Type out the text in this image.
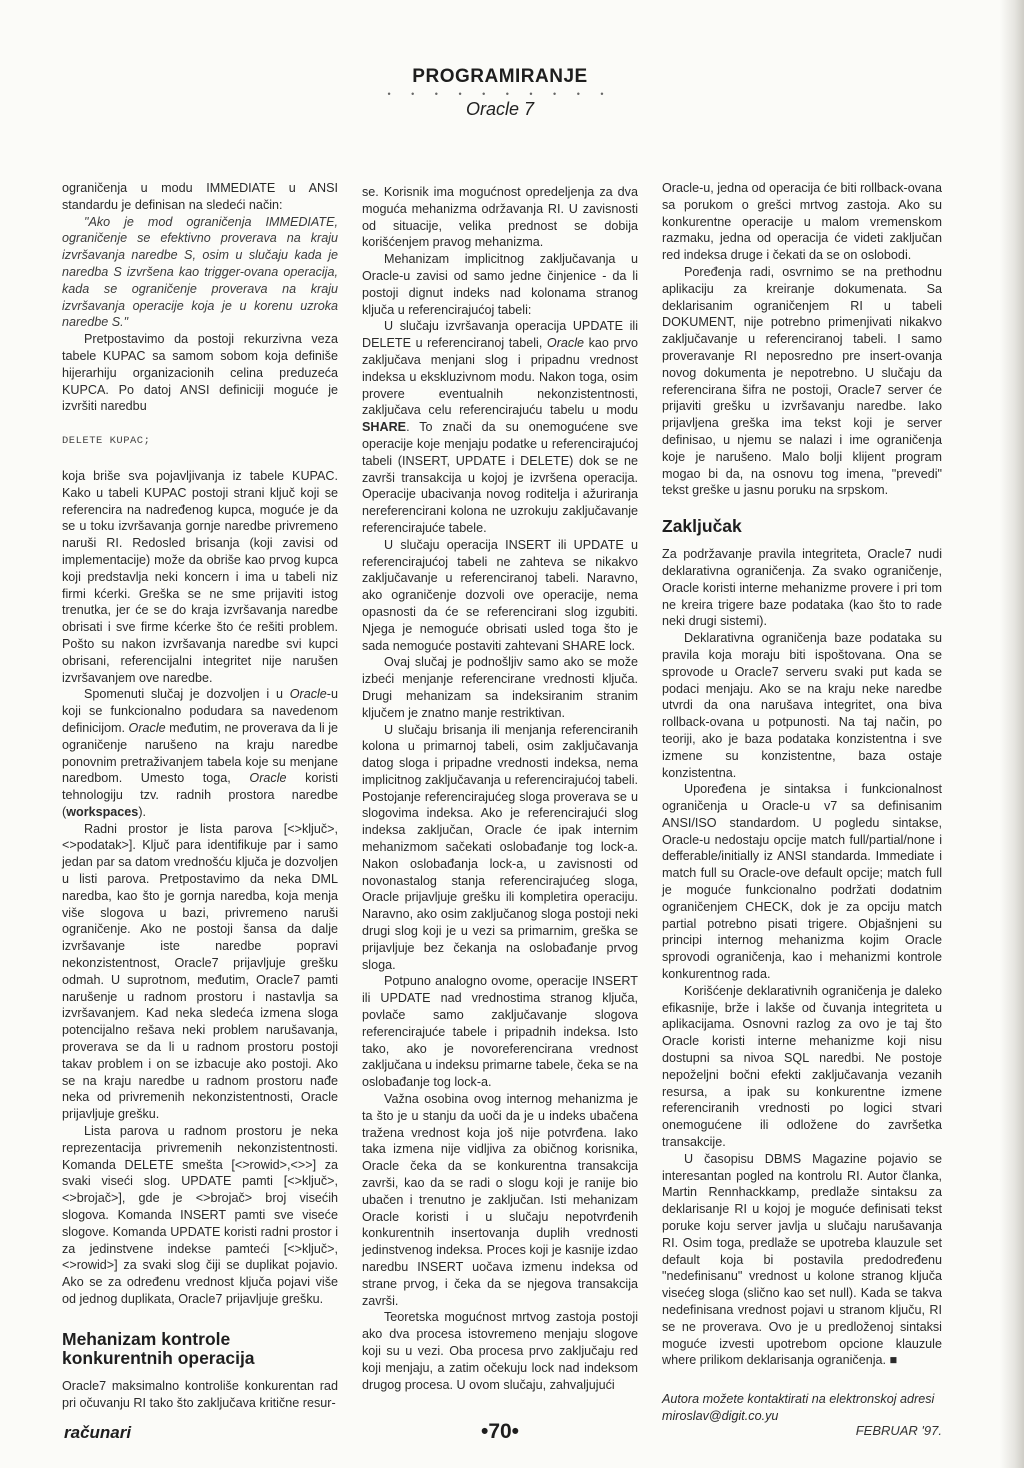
PROGRAMIRANJE
• • • • • • • • • •
Oracle 7

ograničenja u modu IMMEDIATE u ANSI standardu je definisan na sledeći način:

"Ako je mod ograničenja IMMEDIATE, ograničenje se efektivno proverava na kraju izvršavanja naredbe S, osim u slučaju kada je naredba S izvršena kao trigger-ovana operacija, kada se ograničenje proverava na kraju izvršavanja operacije koja je u korenu uzroka naredbe S."

Pretpostavimo da postoji rekurzivna veza tabele KUPAC sa samom sobom koja definiše hijerarhiju organizacionih celina preduzeća KUPCA. Po datoj ANSI definiciji moguće je izvršiti naredbu

DELETE KUPAC;

koja briše sva pojavljivanja iz tabele KUPAC. Kako u tabeli KUPAC postoji strani ključ koji se referencira na nadređenog kupca, moguće je da se u toku izvršavanja gornje naredbe privremeno naruši RI. Redosled brisanja (koji zavisi od implementacije) može da obriše kao prvog kupca koji predstavlja neki koncern i ima u tabeli niz firmi kćerki. Greška se ne sme prijaviti istog trenutka, jer će se do kraja izvršavanja naredbe obrisati i sve firme kćerke što će rešiti problem. Pošto su nakon izvršavanja naredbe svi kupci obrisani, referencijalni integritet nije narušen izvršavanjem ove naredbe.

Spomenuti slučaj je dozvoljen i u Oracle-u koji se funkcionalno podudara sa navedenom definicijom. Oracle međutim, ne proverava da li je ograničenje narušeno na kraju naredbe ponovnim pretraživanjem tabela koje su menjane naredbom. Umesto toga, Oracle koristi tehnologiju tzv. radnih prostora naredbe (workspaces).

Radni prostor je lista parova [<>ključ>,<>podatak>]. Ključ para identifikuje par i samo jedan par sa datom vrednošću ključa je dozvoljen u listi parova. Pretpostavimo da neka DML naredba, kao što je gornja naredba, koja menja više slogova u bazi, privremeno naruši ograničenje. Ako ne postoji šansa da dalje izvršavanje iste naredbe popravi nekonzistentnost, Oracle7 prijavljuje grešku odmah. U suprotnom, međutim, Oracle7 pamti narušenje u radnom prostoru i nastavlja sa izvršavanjem. Kad neka sledeća izmena sloga potencijalno rešava neki problem narušavanja, proverava se da li u radnom prostoru postoji takav problem i on se izbacuje ako postoji. Ako se na kraju naredbe u radnom prostoru nađe neka od privremenih nekonzistentnosti, Oracle prijavljuje grešku.

Lista parova u radnom prostoru je neka reprezentacija privremenih nekonzistentnosti. Komanda DELETE smešta [<>rowid>,<>>] za svaki viseći slog. UPDATE pamti [<>ključ>,<>brojač>], gde je <>brojač> broj visećih slogova. Komanda INSERT pamti sve viseće slogove. Komanda UPDATE koristi radni prostor i za jedinstvene indekse pamteći [<>ključ>,<>rowid>] za svaki slog čiji se duplikat pojavio. Ako se za određenu vrednost ključa pojavi više od jednog duplikata, Oracle7 prijavljuje grešku.

Mehanizam kontrole konkurentnih operacija

Oracle7 maksimalno kontroliše konkurentan rad pri očuvanju RI tako što zaključava kritične resur-

se. Korisnik ima mogućnost opredeljenja za dva moguća mehanizma održavanja RI. U zavisnosti od situacije, velika prednost se dobija korišćenjem pravog mehanizma.

Mehanizam implicitnog zaključavanja u Oracle-u zavisi od samo jedne činjenice - da li postoji dignut indeks nad kolonama stranog ključa u referencirajućoj tabeli:

U slučaju izvršavanja operacija UPDATE ili DELETE u referenciranoj tabeli, Oracle kao prvo zaključava menjani slog i pripadnu vrednost indeksa u ekskluzivnom modu. Nakon toga, osim provere eventualnih nekonzistentnosti, zaključava celu referencirajuću tabelu u modu SHARE. To znači da su onemogućene sve operacije koje menjaju podatke u referencirajućoj tabeli (INSERT, UPDATE i DELETE) dok se ne završi transakcija u kojoj je izvršena operacija. Operacije ubacivanja novog roditelja i ažuriranja nereferencirani kolona ne uzrokuju zaključavanje referencirajuće tabele.

U slučaju operacija INSERT ili UPDATE u referencirajućoj tabeli ne zahteva se nikakvo zaključavanje u referenciranoj tabeli. Naravno, ako ograničenje dozvoli ove operacije, nema opasnosti da će se referencirani slog izgubiti. Njega je nemoguće obrisati usled toga što je sada nemoguće postaviti zahtevani SHARE lock.

Ovaj slučaj je podnošljiv samo ako se može izbeći menjanje referencirane vrednosti ključa. Drugi mehanizam sa indeksiranim stranim ključem je znatno manje restriktivan.

U slučaju brisanja ili menjanja referenciranih kolona u primarnoj tabeli, osim zaključavanja datog sloga i pripadne vrednosti indeksa, nema implicitnog zaključavanja u referencirajućoj tabeli. Postojanje referencirajućeg sloga proverava se u slogovima indeksa. Ako je referencirajući slog indeksa zaključan, Oracle će ipak internim mehanizmom sačekati oslobađanje tog lock-a. Nakon oslobađanja lock-a, u zavisnosti od novonastalog stanja referencirajućeg sloga, Oracle prijavljuje grešku ili kompletira operaciju. Naravno, ako osim zaključanog sloga postoji neki drugi slog koji je u vezi sa primarnim, greška se prijavljuje bez čekanja na oslobađanje prvog sloga.

Potpuno analogno ovome, operacije INSERT ili UPDATE nad vrednostima stranog ključa, povlače samo zaključavanje slogova referencirajuće tabele i pripadnih indeksa. Isto tako, ako je novoreferencirana vrednost zaključana u indeksu primarne tabele, čeka se na oslobađanje tog lock-a.

Važna osobina ovog internog mehanizma je ta što je u stanju da uoči da je u indeks ubačena tražena vrednost koja još nije potvrđena. Iako taka izmena nije vidljiva za običnog korisnika, Oracle čeka da se konkurentna transakcija završi, kao da se radi o slogu koji je ranije bio ubačen i trenutno je zaključan. Isti mehanizam Oracle koristi i u slučaju nepotvrđenih konkurentnih insertovanja duplih vrednosti jedinstvenog indeksa. Proces koji je kasnije izdao naredbu INSERT uočava izmenu indeksa od strane prvog, i čeka da se njegova transakcija završi.

Teoretska mogućnost mrtvog zastoja postoji ako dva procesa istovremeno menjaju slogove koji su u vezi. Oba procesa prvo zaključaju red koji menjaju, a zatim očekuju lock nad indeksom drugog procesa. U ovom slučaju, zahvaljujući

Oracle-u, jedna od operacija će biti rollback-ovana sa porukom o grešci mrtvog zastoja. Ako su konkurentne operacije u malom vremenskom razmaku, jedna od operacija će videti zaključan red indeksa druge i čekati da se on oslobodi.

Poređenja radi, osvrnimo se na prethodnu aplikaciju za kreiranje dokumenata. Sa deklarisanim ograničenjem RI u tabeli DOKUMENT, nije potrebno primenjivati nikakvo zaključavanje u referenciranoj tabeli. I samo proveravanje RI neposredno pre insert-ovanja novog dokumenta je nepotrebno. U slučaju da referencirana šifra ne postoji, Oracle7 server će prijaviti grešku u izvršavanju naredbe. Iako prijavljena greška ima tekst koji je server definisao, u njemu se nalazi i ime ograničenja koje je narušeno. Malo bolji klijent program mogao bi da, na osnovu tog imena, "prevedi" tekst greške u jasnu poruku na srpskom.

Zaključak

Za podržavanje pravila integriteta, Oracle7 nudi deklarativna ograničenja. Za svako ograničenje, Oracle koristi interne mehanizme provere i pri tom ne kreira trigere baze podataka (kao što to rade neki drugi sistemi).

Deklarativna ograničenja baze podataka su pravila koja moraju biti ispoštovana. Ona se sprovode u Oracle7 serveru svaki put kada se podaci menjaju. Ako se na kraju neke naredbe utvrdi da ona narušava integritet, ona biva rollback-ovana u potpunosti. Na taj način, po teoriji, ako je baza podataka konzistentna i sve izmene su konzistentne, baza ostaje konzistentna.

Upoređena je sintaksa i funkcionalnost ograničenja u Oracle-u v7 sa definisanim ANSI/ISO standardom. U pogledu sintakse, Oracle-u nedostaju opcije match full/partial/none i defferable/initially iz ANSI standarda. Immediate i match full su Oracle-ove default opcije; match full je moguće funkcionalno podržati dodatnim ograničenjem CHECK, dok je za opciju match partial potrebno pisati trigere. Objašnjeni su principi internog mehanizma kojim Oracle sprovodi ograničenja, kao i mehanizmi kontrole konkurentnog rada.

Korišćenje deklarativnih ograničenja je daleko efikasnije, brže i lakše od čuvanja integriteta u aplikacijama. Osnovni razlog za ovo je taj što Oracle koristi interne mehanizme koji nisu dostupni sa nivoa SQL naredbi. Ne postoje nepoželjni bočni efekti zaključavanja vezanih resursa, a ipak su konkurentne izmene referenciranih vrednosti po logici stvari onemogućene ili odložene do završetka transakcije.

U časopisu DBMS Magazine pojavio se interesantan pogled na kontrolu RI. Autor članka, Martin Rennhackkamp, predlaže sintaksu za deklarisanje RI u kojoj je moguće definisati tekst poruke koju server javlja u slučaju narušavanja RI. Osim toga, predlaže se upotreba klauzule set default koja bi postavila predodređenu "nedefinisanu" vrednost u kolone stranog ključa visećeg sloga (slično kao set null). Kada se takva nedefinisana vrednost pojavi u stranom ključu, RI se ne proverava. Ovo je u predloženoj sintaksi moguće izvesti upotrebom opcione klauzule where prilikom deklarisanja ograničenja. ■

Autora možete kontaktirati na elektronskoj adresi
miroslav@digit.co.yu
računari	•70•	FEBRUAR '97.
